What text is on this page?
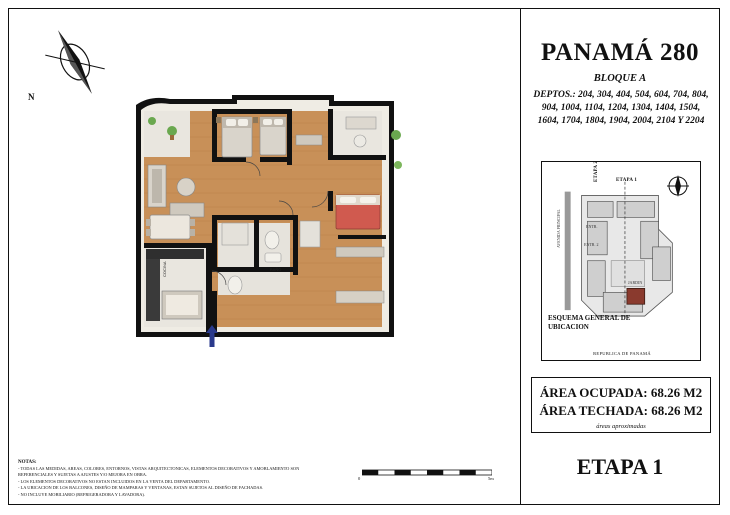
N
COCINA	BAÑO
NOTAS:
- TODAS LAS MEDIDAS, AREAS, COLORES, ENTORNOS, VISTAS ARQUITECTONICAS, ELEMENTOS DECORATIVOS Y AMOBLAMIENTO SON
REFERENCIALES Y SUJETAS A AJUSTES Y/O MEJORA EN OBRA.
- LOS ELEMENTOS DECORATIVOS NO ESTAN INCLUIDOS EN LA VENTA DEL DEPARTAMENTO.
- LA UBICACION DE LOS BALCONES, DISEÑO DE MAMPARAS Y VENTANAS, ESTAN SUJETOS AL DISEÑO DE FACHADAS.
- NO INCLUYE MOBILIARIO (REFRIGERADORA Y LAVADORA).
0	5m
PANAMÁ 280
BLOQUE A
DEPTOS.: 204, 304, 404, 504, 604, 704, 804, 904, 1004, 1104, 1204, 1304, 1404, 1504, 1604, 1704, 1804, 1904, 2004, 2104 Y 2204
ETAPA 2	ETAPA 1
AVENIDA PRINCIPAL
JARDIN
ENTR.
ENTR. 2
ESQUEMA GENERAL DE
UBICACION
REPUBLICA DE PANAMÁ
ÁREA OCUPADA: 68.26 M2
ÁREA TECHADA: 68.26 M2
áreas aproximadas
ETAPA 1
